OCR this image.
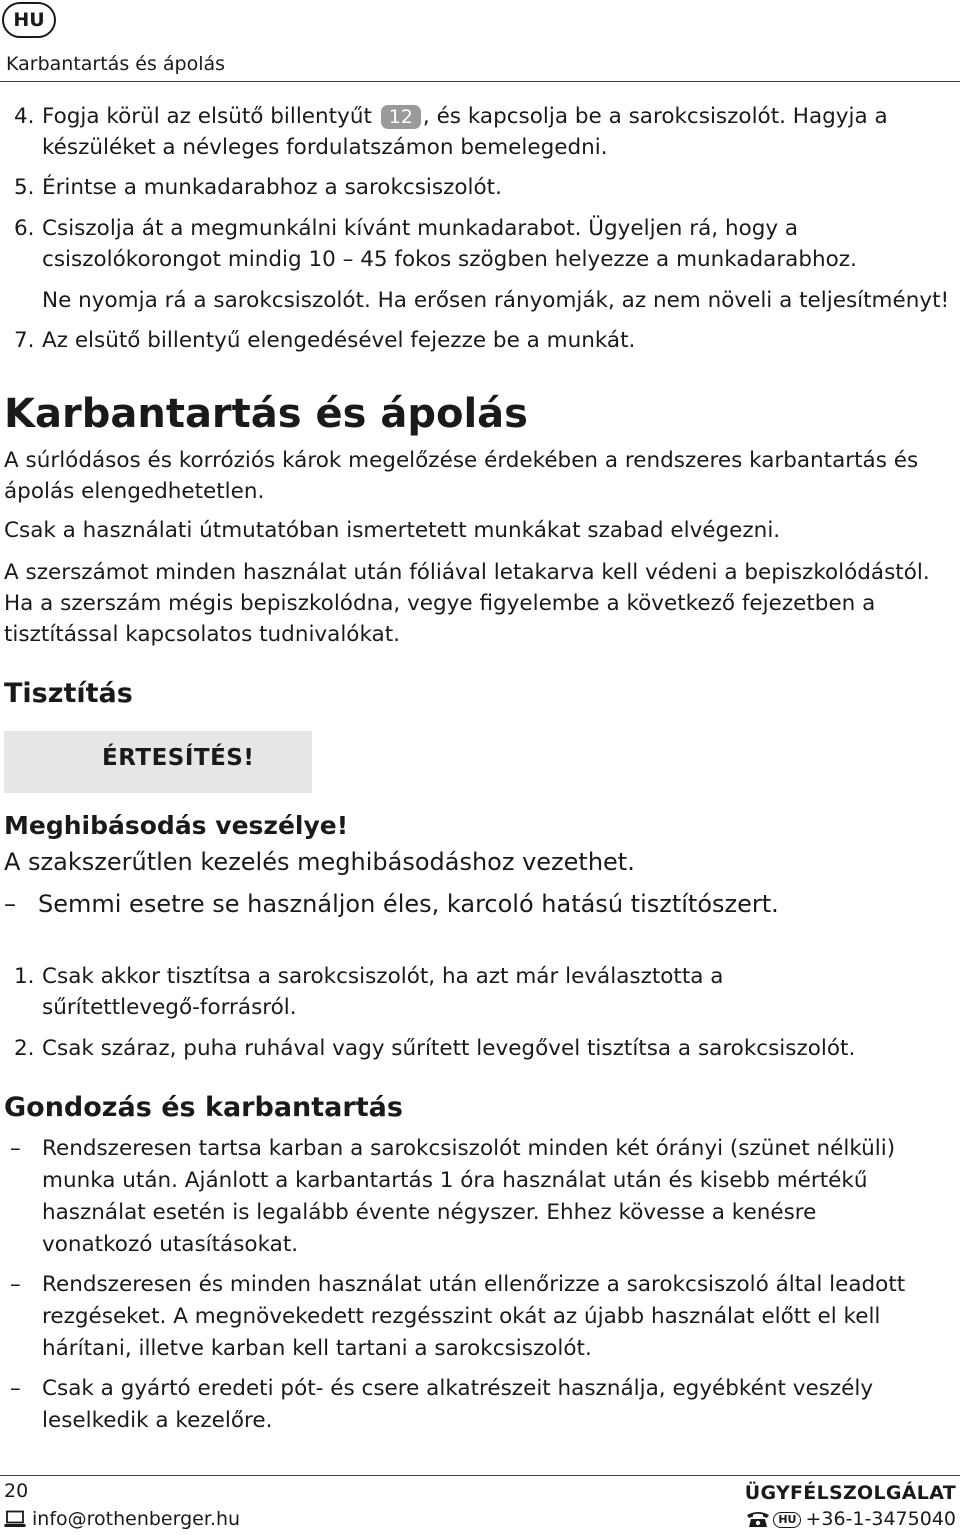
HU
Karbantartás és ápolás
4. Fogja körül az elsütő billentyűt 12 , és kapcsolja be a sarokcsiszolót. Hagyja a
készüléket a névleges fordulatszámon bemelegedni.
5. Érintse a munkadarabhoz a sarokcsiszolót.
6. Csiszolja át a megmunkálni kívánt munkadarabot. Ügyeljen rá, hogy a
csiszolókorongot mindig 10 – 45 fokos szögben helyezze a munkadarabhoz.
Ne nyomja rá a sarokcsiszolót. Ha erősen rányomják, az nem növeli a teljesítményt!
7. Az elsütő billentyű elengedésével fejezze be a munkát.
Karbantartás és ápolás
A súrlódásos és korróziós károk megelőzése érdekében a rendszeres karbantartás és ápolás elengedhetetlen.
Csak a használati útmutatóban ismertetett munkákat szabad elvégezni.
A szerszámot minden használat után fóliával letakarva kell védeni a bepiszkolódástól. Ha a szerszám mégis bepiszkolódna, vegye figyelembe a következő fejezetben a tisztítással kapcsolatos tudnivalókat.
Tisztítás
ÉRTESÍTÉS!
Meghibásodás veszélye!
A szakszerűtlen kezelés meghibásodáshoz vezethet.
– Semmi esetre se használjon éles, karcoló hatású tisztítószert.
1. Csak akkor tisztítsa a sarokcsiszolót, ha azt már leválasztotta a sűrítettlevegő-forrásról.
2. Csak száraz, puha ruhával vagy sűrített levegővel tisztítsa a sarokcsiszolót.
Gondozás és karbantartás
– Rendszeresen tartsa karban a sarokcsiszolót minden két órányi (szünet nélküli) munka után. Ajánlott a karbantartás 1 óra használat után és kisebb mértékű használat esetén is legalább évente négyszer. Ehhez kövesse a kenésre vonatkozó utasításokat.
– Rendszeresen és minden használat után ellenőrizze a sarokcsiszoló által leadott rezgéseket. A megnövekedett rezgésszint okát az újabb használat előtt el kell hárítani, illetve karban kell tartani a sarokcsiszolót.
– Csak a gyártó eredeti pót- és csere alkatrészeit használja, egyébként veszély leselkedik a kezelőre.
20
info@rothenberger.hu
ÜGYFÉLSZOLGÁLAT
HU +36-1-3475040
